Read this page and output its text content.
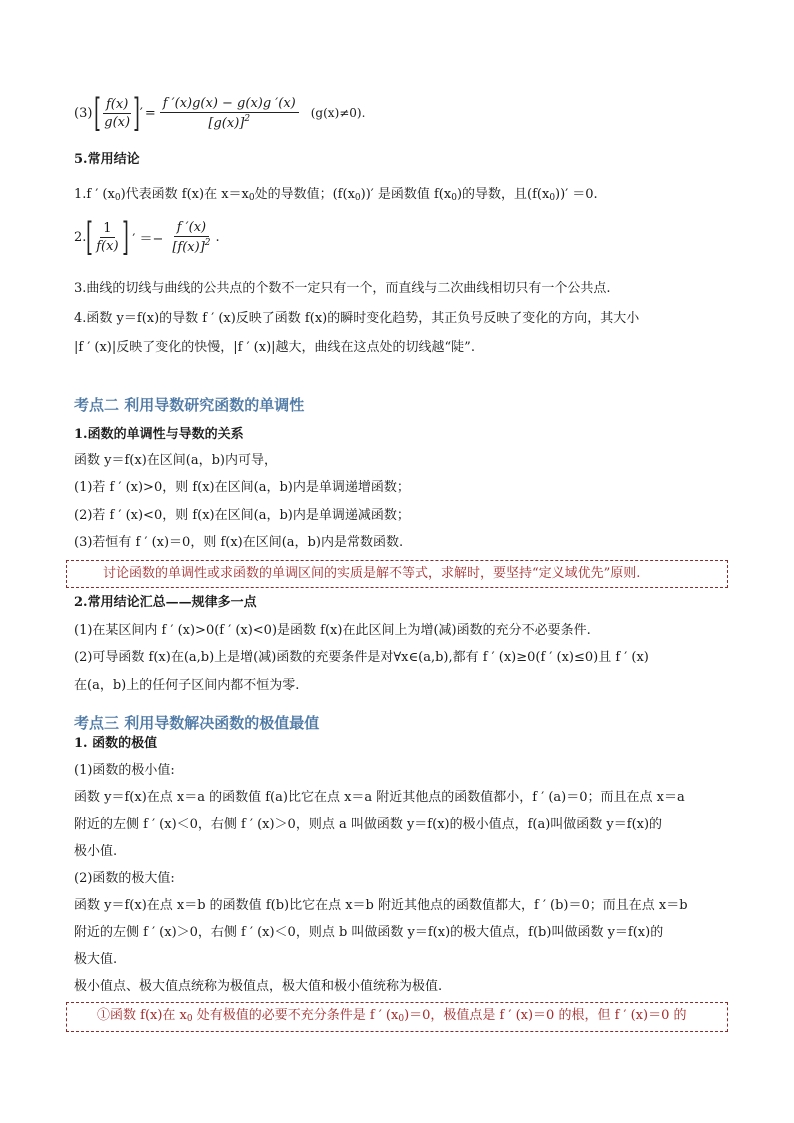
(3) [ $\frac{f(x)}{g(x)}$ ] ′ = $\frac{f '(x)g(x) - g(x)g '(x)}{[g(x)]^2} (g(x)\ne 0)$.
5.常用结论
1.f ′ $(x_0)$代表函数 f(x)在 $x=x_0$处的导数值；$(f(x_0))'$ 是函数值 $f(x_0)$的导数，且$(f(x_0))' =0$.
2. [ $\frac{1}{f(x)}$ ] ′ ＝− $\frac{f '(x)}{[f(x)]^2}$ .
3.曲线的切线与曲线的公共点的个数不一定只有一个，而直线与二次曲线相切只有一个公共点.
4.函数 y＝f(x)的导数 f ′ (x)反映了函数 f(x)的瞬时变化趋势，其正负号反映了变化的方向，其大小
|f ′ (x)|反映了变化的快慢，|f ′ (x)|越大，曲线在这点处的切线越“陡”.
考点二 利用导数研究函数的单调性
1.函数的单调性与导数的关系
函数 y＝f(x)在区间(a，b)内可导，
(1)若 f ′ (x)>0，则 f(x)在区间(a，b)内是单调递增函数；
(2)若 f ′ (x)<0，则 f(x)在区间(a，b)内是单调递减函数；
(3)若恒有 f ′ (x)＝0，则 f(x)在区间(a，b)内是常数函数.
讨论函数的单调性或求函数的单调区间的实质是解不等式，求解时，要坚持“定义域优先”原则.
2.常用结论汇总——规律多一点
(1)在某区间内 f ′ (x)>0(f ′ (x)<0)是函数 f(x)在此区间上为增(减)函数的充分不必要条件.
(2)可导函数 f(x)在(a,b)上是增(减)函数的充要条件是对∀x∈(a,b),都有 f ′ (x)≥0(f ′ (x)≤0)且 f ′ (x)
在(a，b)上的任何子区间内都不恒为零.
考点三 利用导数解决函数的极值最值
1. 函数的极值
(1)函数的极小值:
函数 y＝f(x)在点 x＝a 的函数值 f(a)比它在点 x＝a 附近其他点的函数值都小，f ′ (a)＝0；而且在点 x＝a
附近的左侧 f ′ (x)＜0，右侧 f ′ (x)＞0，则点 a 叫做函数 y＝f(x)的极小值点，f(a)叫做函数 y＝f(x)的
极小值.
(2)函数的极大值:
函数 y＝f(x)在点 x＝b 的函数值 f(b)比它在点 x＝b 附近其他点的函数值都大，f ′ (b)＝0；而且在点 x＝b
附近的左侧 f ′ (x)＞0，右侧 f ′ (x)＜0，则点 b 叫做函数 y＝f(x)的极大值点，f(b)叫做函数 y＝f(x)的
极大值.
极小值点、极大值点统称为极值点，极大值和极小值统称为极值.
①函数 f(x)在 $x_0$ 处有极值的必要不充分条件是 f ′ $(x_0)=0$，极值点是 f ′ (x)＝0 的根，但 f ′ (x)＝0 的
